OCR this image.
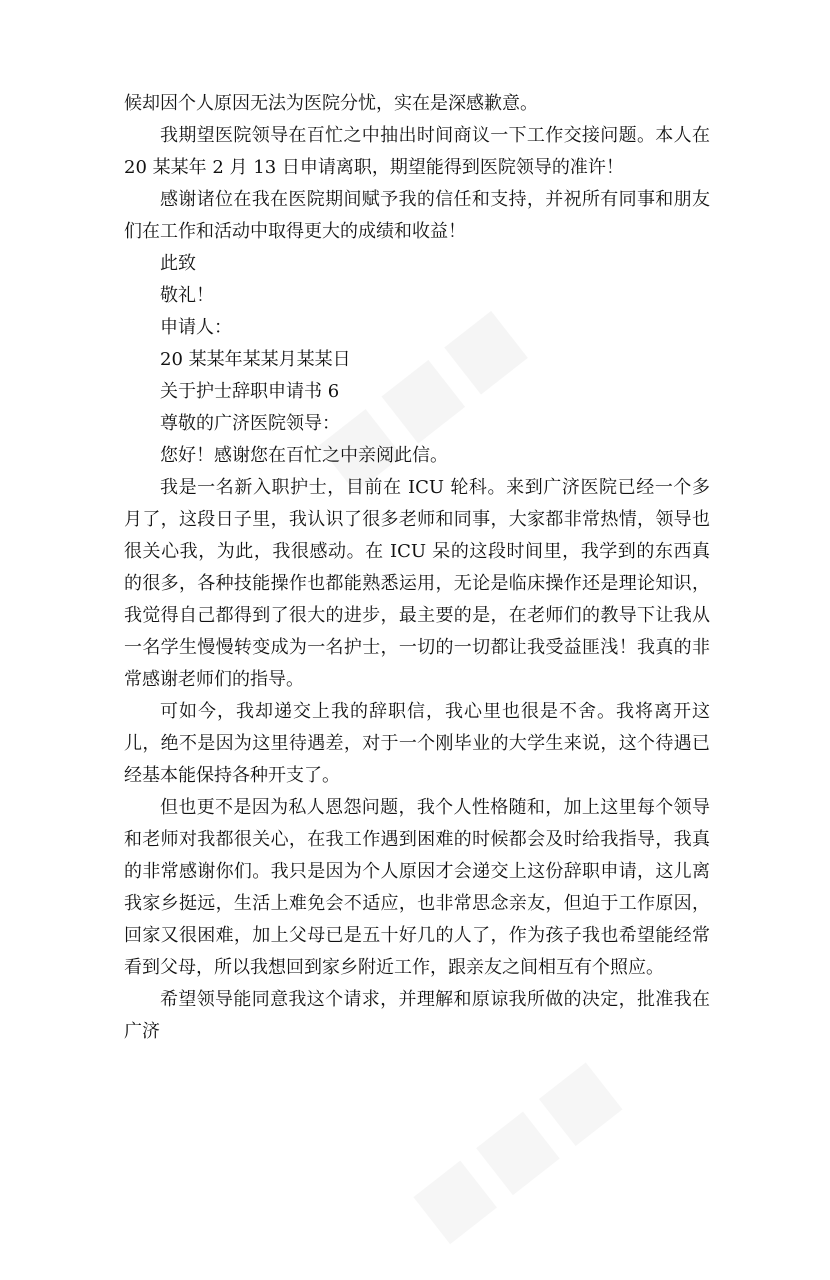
候却因个人原因无法为医院分忧，实在是深感歉意。

我期望医院领导在百忙之中抽出时间商议一下工作交接问题。本人在 20 某某年 2 月 13 日申请离职，期望能得到医院领导的准许！

感谢诸位在我在医院期间赋予我的信任和支持，并祝所有同事和朋友们在工作和活动中取得更大的成绩和收益！

此致

敬礼！

申请人：

20 某某年某某月某某日

关于护士辞职申请书 6

尊敬的广济医院领导：

您好！感谢您在百忙之中亲阅此信。

我是一名新入职护士，目前在 ICU 轮科。来到广济医院已经一个多月了，这段日子里，我认识了很多老师和同事，大家都非常热情，领导也很关心我，为此，我很感动。在 ICU 呆的这段时间里，我学到的东西真的很多，各种技能操作也都能熟悉运用，无论是临床操作还是理论知识，我觉得自己都得到了很大的进步，最主要的是，在老师们的教导下让我从一名学生慢慢转变成为一名护士，一切的一切都让我受益匪浅！我真的非常感谢老师们的指导。

可如今，我却递交上我的辞职信，我心里也很是不舍。我将离开这儿，绝不是因为这里待遇差，对于一个刚毕业的大学生来说，这个待遇已经基本能保持各种开支了。

但也更不是因为私人恩怨问题，我个人性格随和，加上这里每个领导和老师对我都很关心，在我工作遇到困难的时候都会及时给我指导，我真的非常感谢你们。我只是因为个人原因才会递交上这份辞职申请，这儿离我家乡挺远，生活上难免会不适应，也非常思念亲友，但迫于工作原因，回家又很困难，加上父母已是五十好几的人了，作为孩子我也希望能经常看到父母，所以我想回到家乡附近工作，跟亲友之间相互有个照应。

希望领导能同意我这个请求，并理解和原谅我所做的决定，批准我在广济
